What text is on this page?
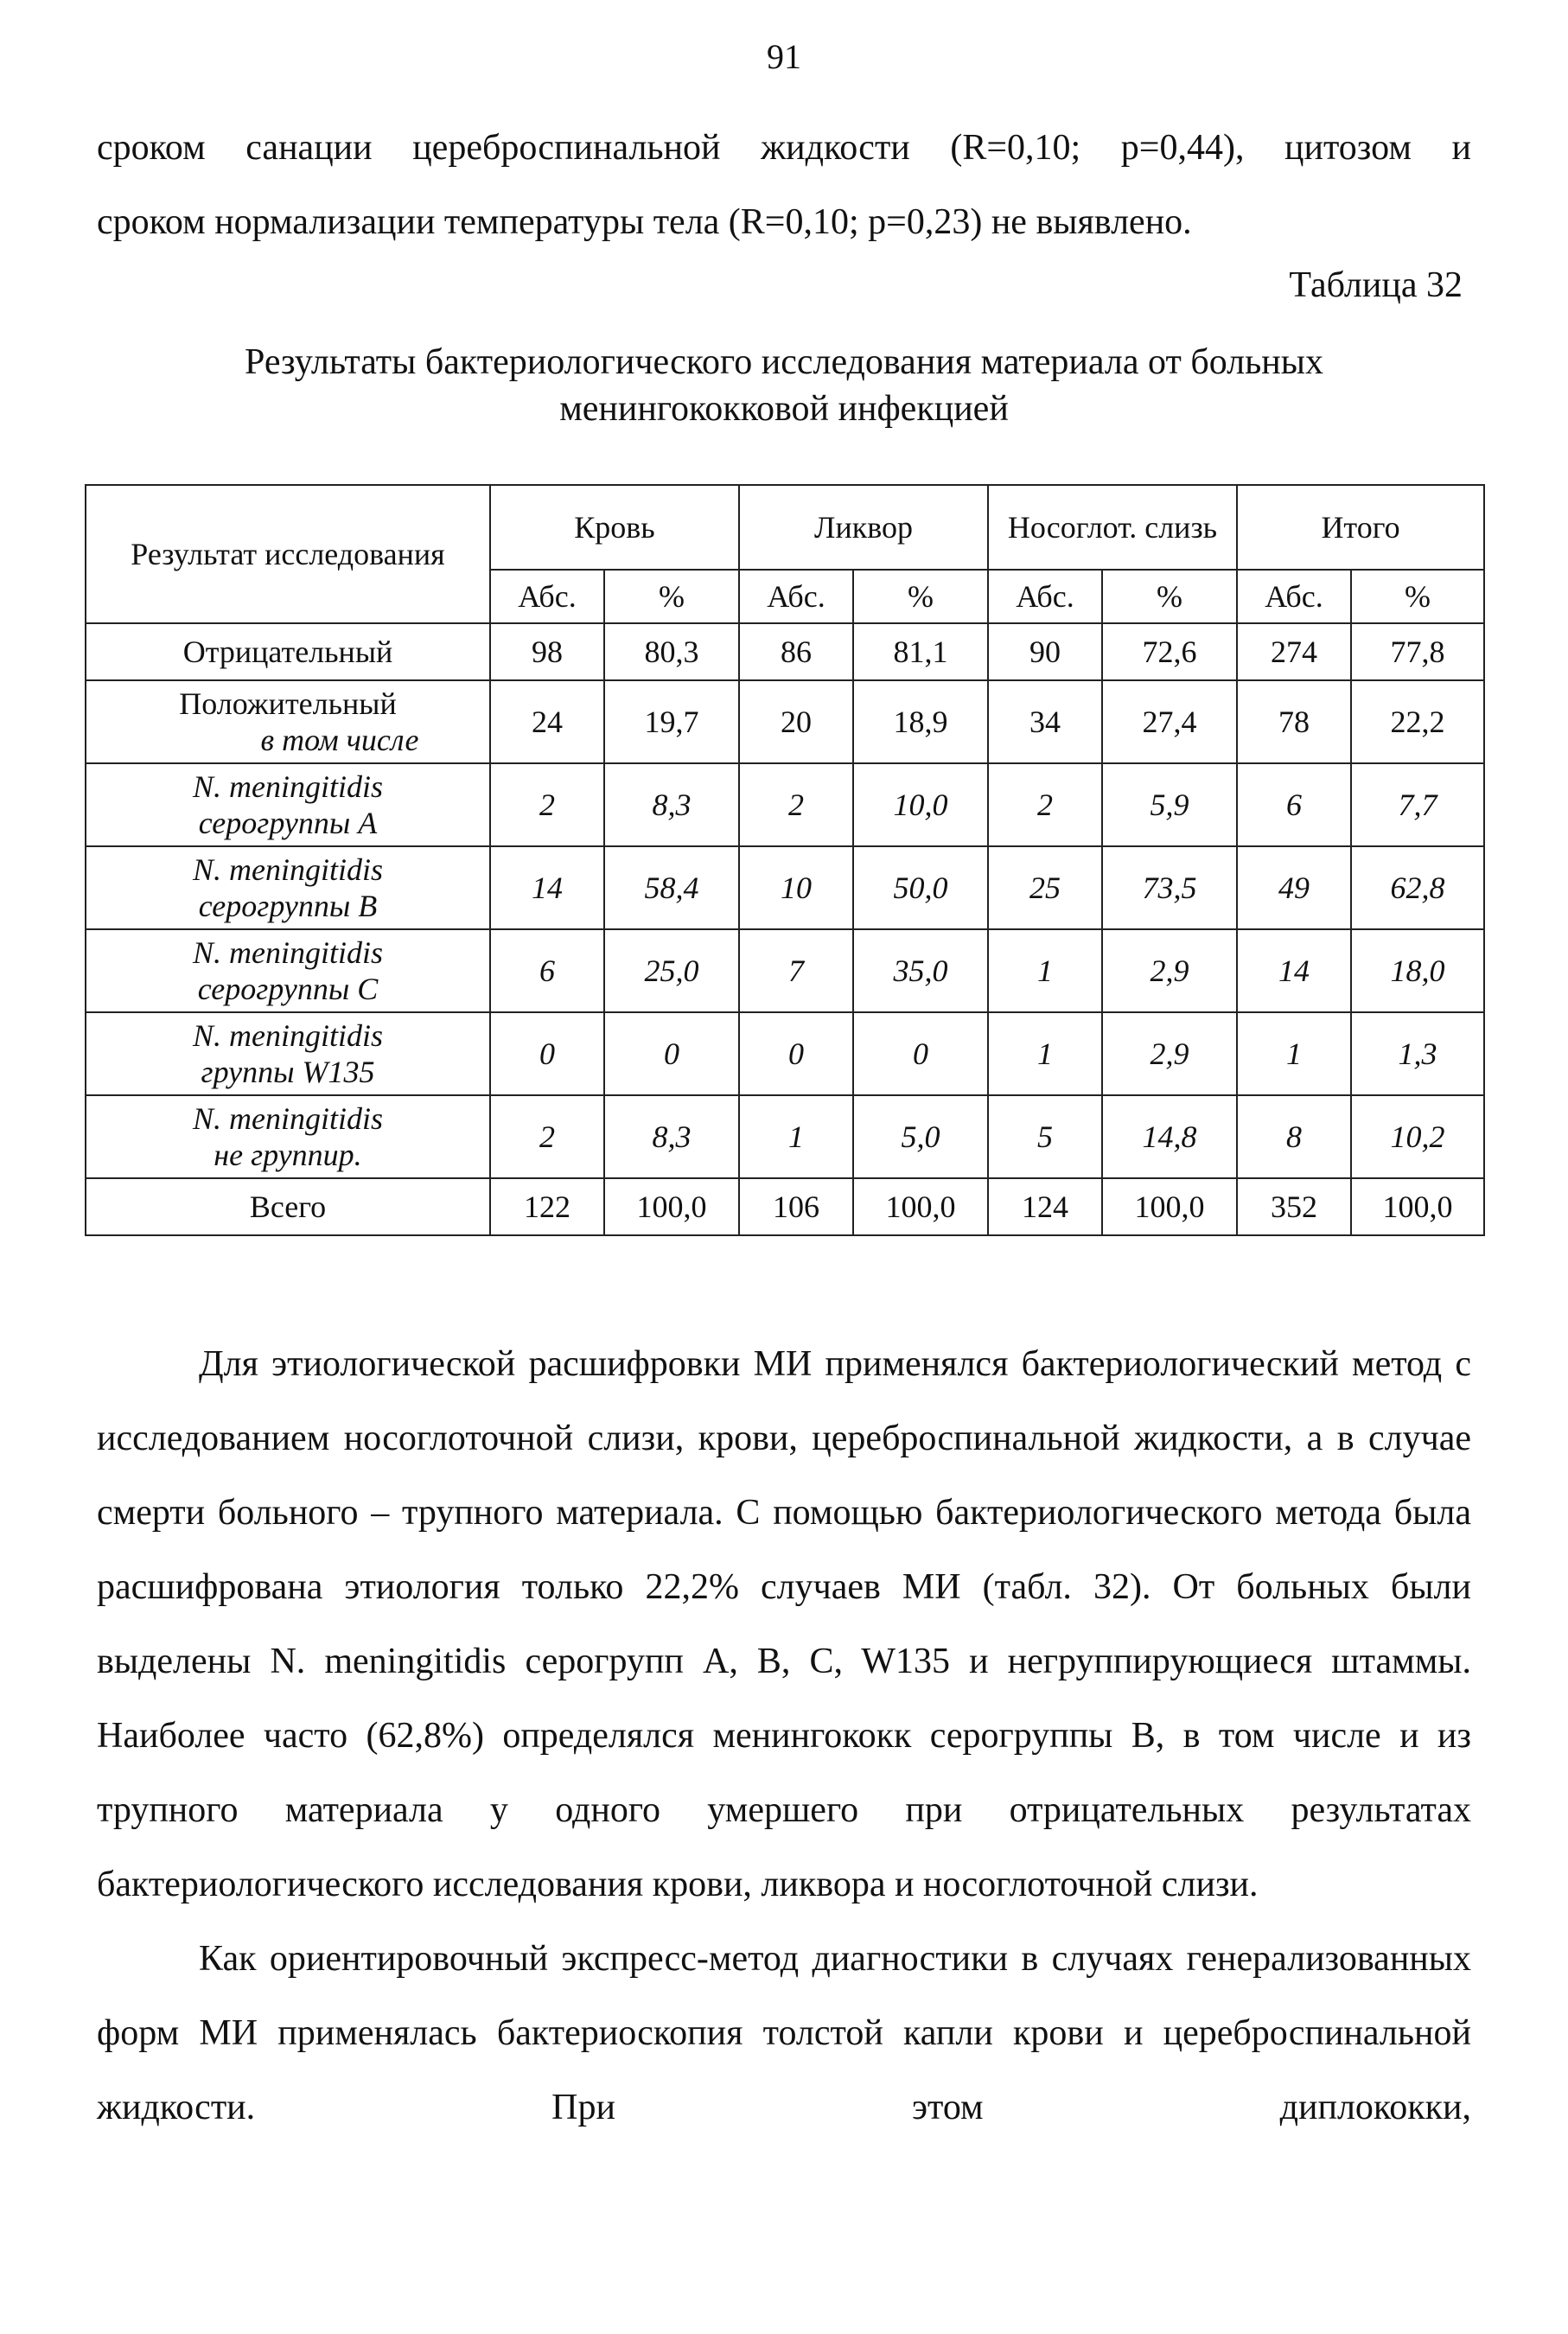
91
сроком санации цереброспинальной жидкости (R=0,10; p=0,44), цитозом и
сроком нормализации температуры тела (R=0,10; p=0,23) не выявлено.
Таблица 32
Результаты бактериологического исследования материала от больных
менингококковой инфекцией
Результат исследования	Кровь		Ликвор		Носоглот. слизь		Итого	
	Абс.	%	Абс.	%	Абс.	%	Абс.	%

Отрицательный	98	80,3	86	81,1	90	72,6	274	77,8

Положительный
в том числе	24	19,7	20	18,9	34	27,4	78	22,2

N. meningitidis
серогруппы А	2	8,3	2	10,0	2	5,9	6	7,7

N. meningitidis
серогруппы В	14	58,4	10	50,0	25	73,5	49	62,8

N. meningitidis
серогруппы С	6	25,0	7	35,0	1	2,9	14	18,0

N. meningitidis
группы W135	0	0	0	0	1	2,9	1	1,3

N. meningitidis
не группир.	2	8,3	1	5,0	5	14,8	8	10,2

Всего	122	100,0	106	100,0	124	100,0	352	100,0

Для этиологической расшифровки МИ применялся бактериологический метод с исследованием носоглоточной слизи, крови, цереброспинальной жидкости, а в случае смерти больного – трупного материала. С помощью бактериологического метода была расшифрована этиология только 22,2% случаев МИ (табл. 32). От больных были выделены N. meningitidis серогрупп A, B, C, W135 и негруппирующиеся штаммы. Наиболее часто (62,8%) определялся менингококк серогруппы В, в том числе и из трупного материала у одного умершего при отрицательных результатах бактериологического исследования крови, ликвора и носоглоточной слизи.

Как ориентировочный экспресс-метод диагностики в случаях генерализованных форм МИ применялась бактериоскопия толстой капли крови и цереброспинальной жидкости. При этом диплококки,
